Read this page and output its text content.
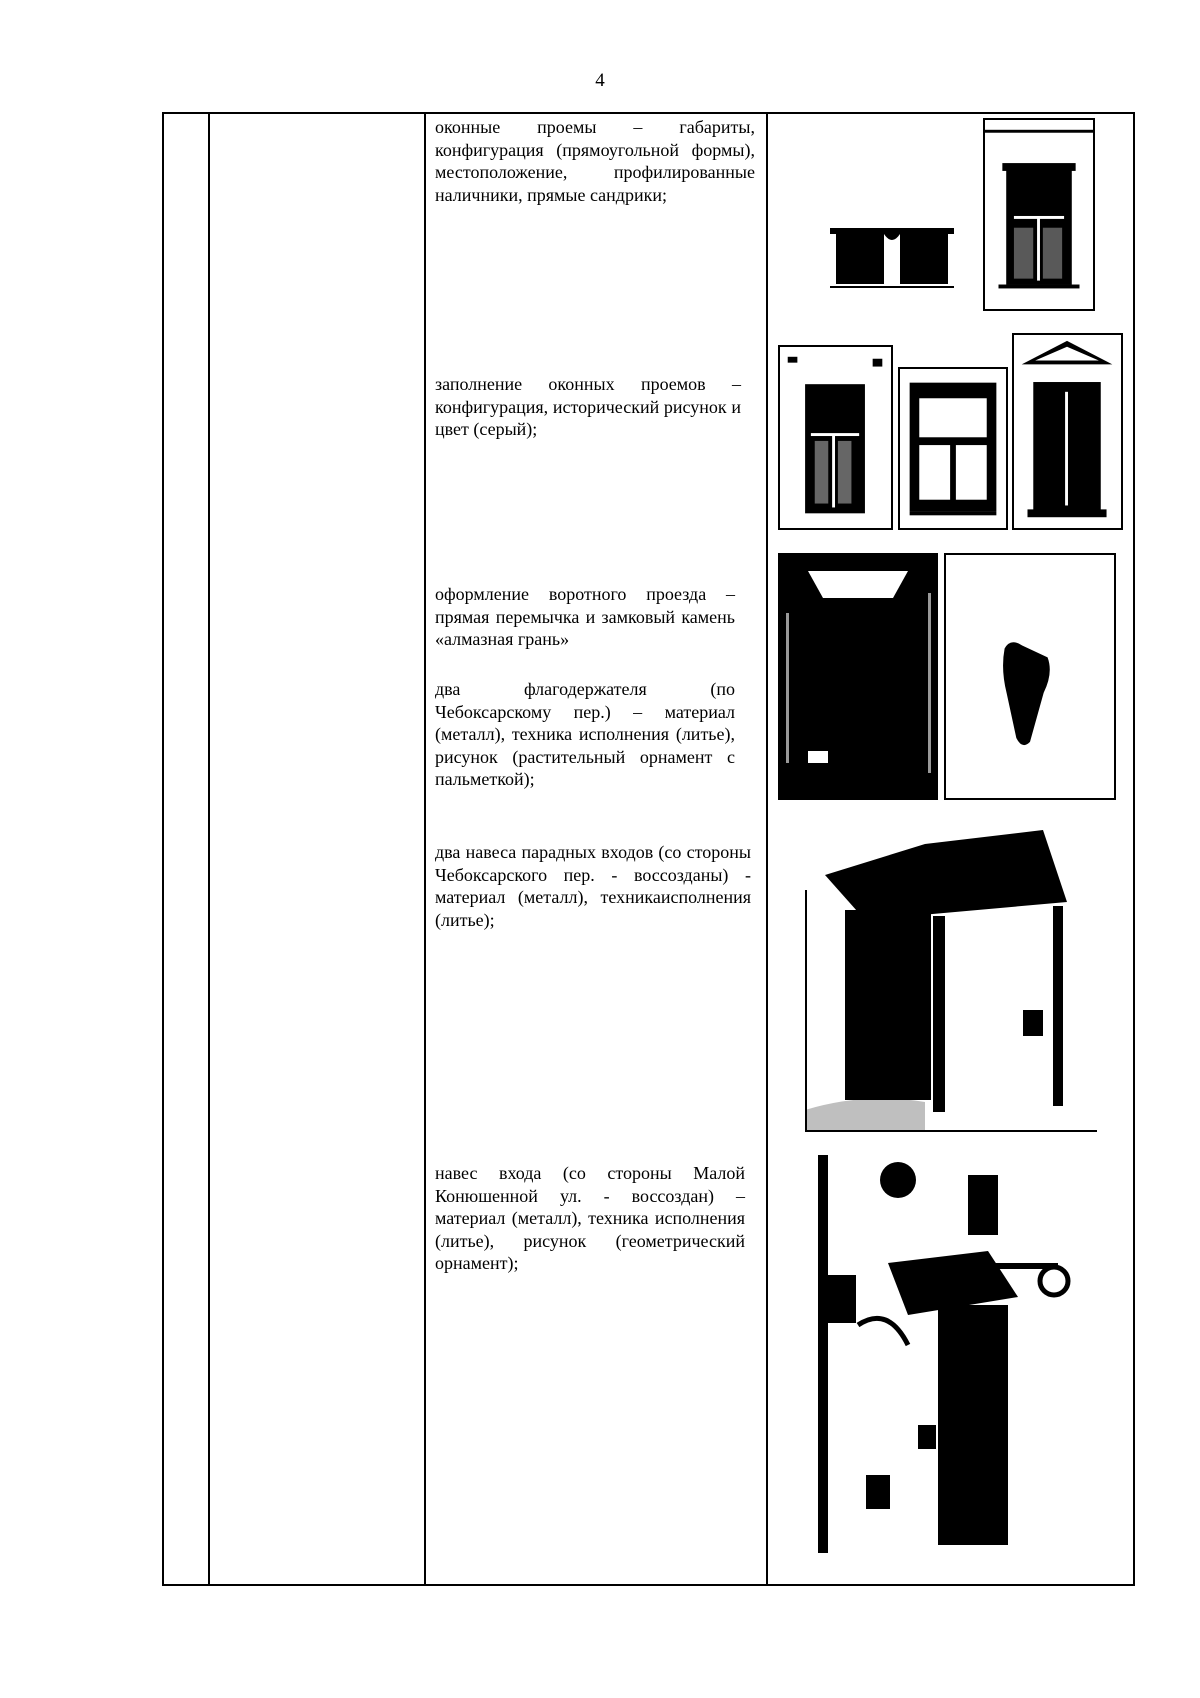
4

оконные проемы – габариты, конфигурация (прямоугольной формы), местоположение, профилированные наличники, прямые сандрики;

заполнение оконных проемов – конфигурация, исторический рисунок и цвет (серый);

оформление воротного проезда – прямая перемычка и замковый камень «алмазная грань»

два флагодержателя (по Чебоксарскому пер.) – материал (металл), техника исполнения (литье), рисунок (растительный орнамент с пальметкой);

два навеса парадных входов (со стороны Чебоксарского пер. - воссозданы) - материал (металл), техникаисполнения (литье);

навес входа (со стороны Малой Конюшенной ул. - воссоздан) – материал (металл), техника исполнения (литье), рисунок (геометрический орнамент);
